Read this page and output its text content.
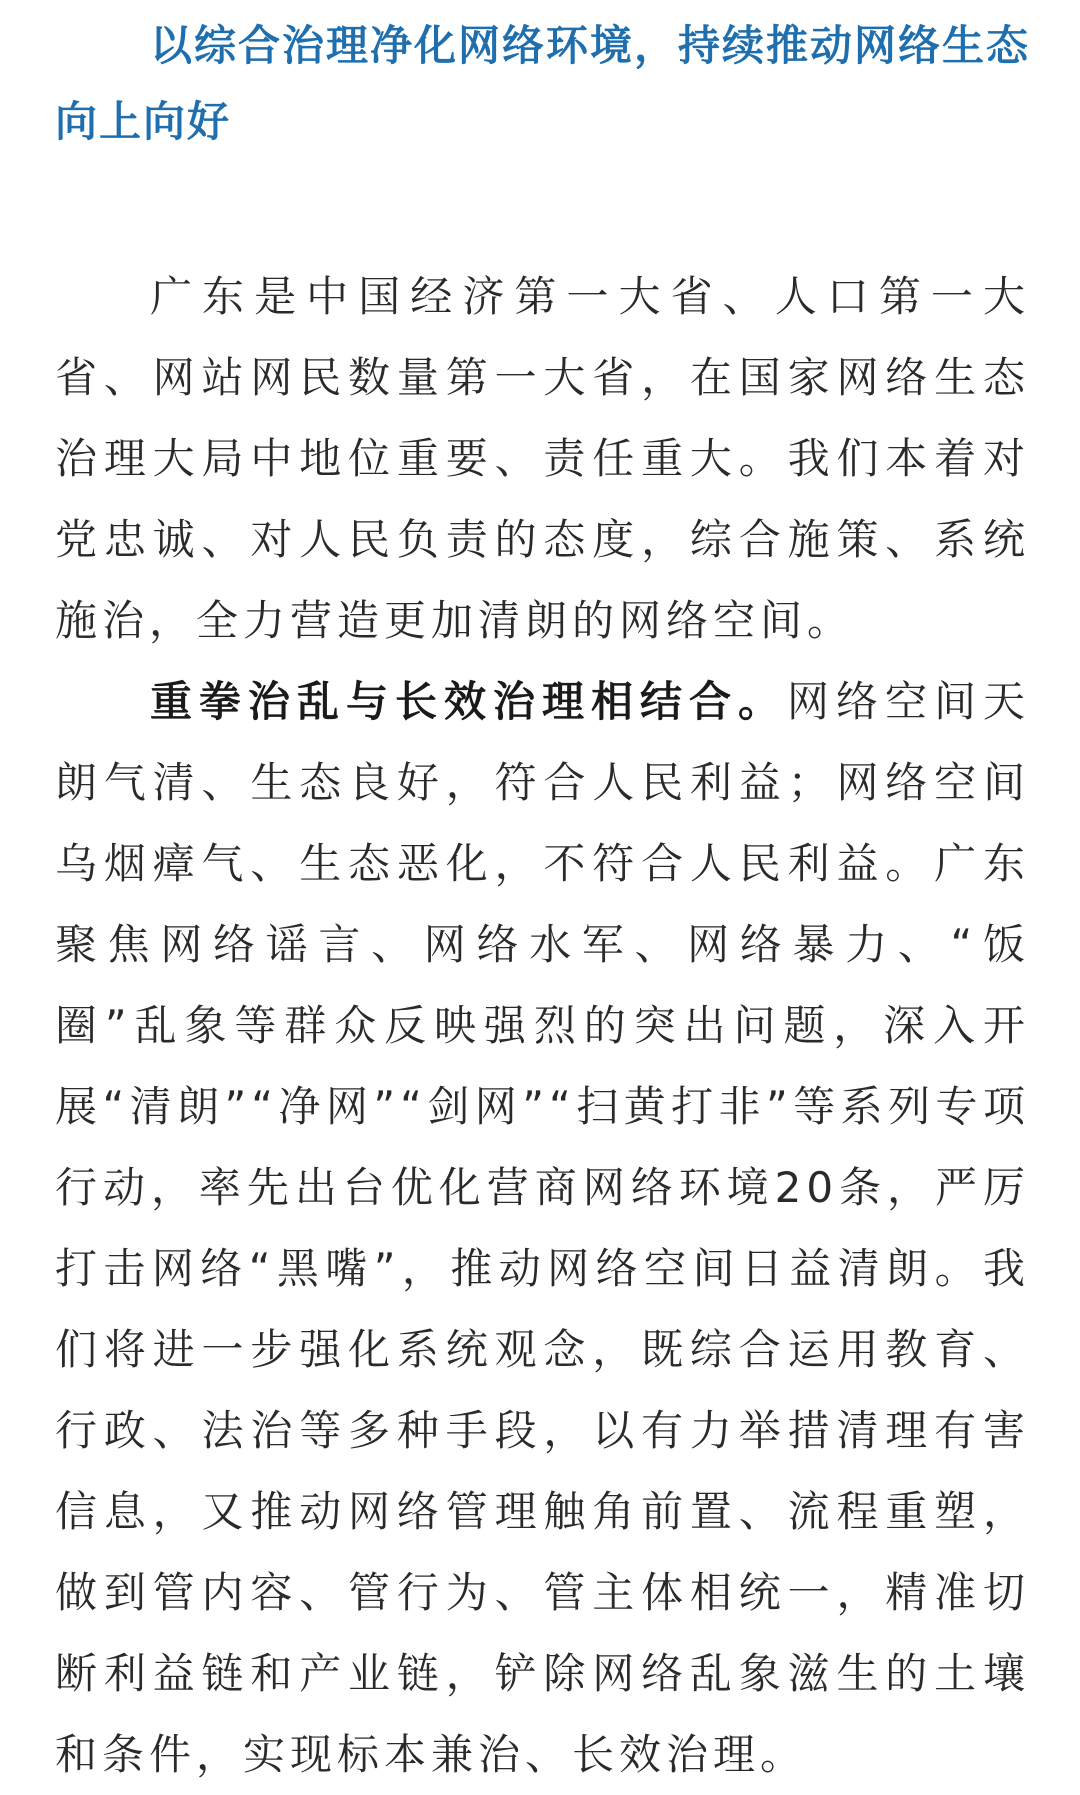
以综合治理净化网络环境，持续推动网络生态向上向好

广东是中国经济第一大省、人口第一大省、网站网民数量第一大省，在国家网络生态治理大局中地位重要、责任重大。我们本着对党忠诚、对人民负责的态度，综合施策、系统施治，全力营造更加清朗的网络空间。

重拳治乱与长效治理相结合。网络空间天朗气清、生态良好，符合人民利益；网络空间乌烟瘴气、生态恶化，不符合人民利益。广东聚焦网络谣言、网络水军、网络暴力、“饭圈”乱象等群众反映强烈的突出问题，深入开展“清朗”“净网”“剑网”“扫黄打非”等系列专项行动，率先出台优化营商网络环境20条，严厉打击网络“黑嘴”，推动网络空间日益清朗。我们将进一步强化系统观念，既综合运用教育、行政、法治等多种手段，以有力举措清理有害信息，又推动网络管理触角前置、流程重塑，做到管内容、管行为、管主体相统一，精准切断利益链和产业链，铲除网络乱象滋生的土壤和条件，实现标本兼治、长效治理。
